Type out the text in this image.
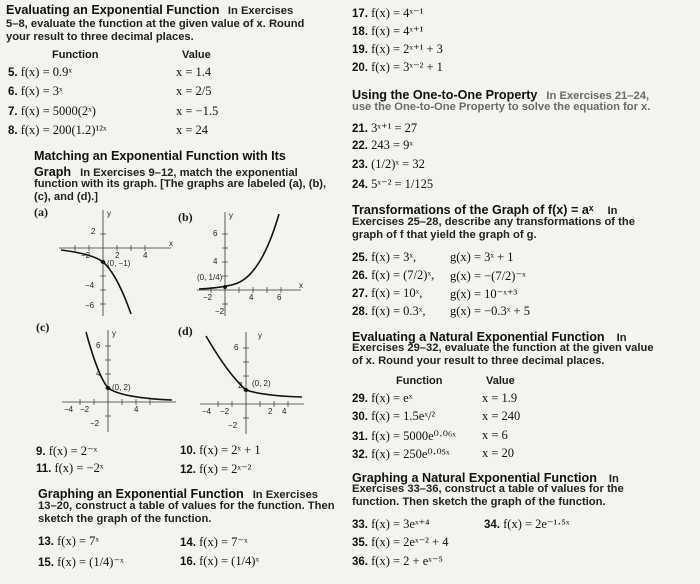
Evaluating an Exponential Function In Exercises
5–8, evaluate the function at the given value of x. Round
your result to three decimal places.
Function	Value
5. f(x) = 0.9ˣ	x = 1.4
6. f(x) = 3ˣ	x = 2/5
7. f(x) = 5000(2ˣ)	x = −1.5
8. f(x) = 200(1.2)¹²ˣ	x = 24
Matching an Exponential Function with Its
Graph In Exercises 9–12, match the exponential
function with its graph. [The graphs are labeled (a), (b),
(c), and (d).]
(a)	(b)
(c)	(d)
x
y
2
−2	2	4
−4
−6
(0, −1)
y
x
6
4
−2	4	6
−2
(0, 1/4)
y
6
4
−4 −2	4
−2
(0, 2)
y
6
2
−4 −2	2 4
−2
(0, 2)
9. f(x) = 2⁻ˣ	10. f(x) = 2ˣ + 1
11. f(x) = −2ˣ	12. f(x) = 2ˣ⁻²
Graphing an Exponential Function In Exercises
13–20, construct a table of values for the function. Then
sketch the graph of the function.
13. f(x) = 7ˣ	14. f(x) = 7⁻ˣ
15. f(x) = (1/4)⁻ˣ	16. f(x) = (1/4)ˣ
17. f(x) = 4ˣ⁻¹
18. f(x) = 4ˣ⁺¹
19. f(x) = 2ˣ⁺¹ + 3
20. f(x) = 3ˣ⁻² + 1
Using the One-to-One Property In Exercises 21–24,
use the One-to-One Property to solve the equation for x.
21. 3ˣ⁺¹ = 27
22. 243 = 9ˣ
23. (1/2)ˣ = 32
24. 5ˣ⁻² = 1/125
Transformations of the Graph of f(x) = aˣ In
Exercises 25–28, describe any transformations of the
graph of f that yield the graph of g.
25. f(x) = 3ˣ,	g(x) = 3ˣ + 1
26. f(x) = (7/2)ˣ, g(x) = −(7/2)⁻ˣ
27. f(x) = 10ˣ, g(x) = 10⁻ˣ⁺³
28. f(x) = 0.3ˣ, g(x) = −0.3ˣ + 5
Evaluating a Natural Exponential Function In
Exercises 29–32, evaluate the function at the given value
of x. Round your result to three decimal places.
Function	Value
29. f(x) = eˣ	x = 1.9
30. f(x) = 1.5eˣ/²	x = 240
31. f(x) = 5000e⁰·⁰⁶ˣ x = 6
32. f(x) = 250e⁰·⁰⁵ˣ	x = 20
Graphing a Natural Exponential Function In
Exercises 33–36, construct a table of values for the
function. Then sketch the graph of the function.
33. f(x) = 3eˣ⁺⁴	34. f(x) = 2e⁻¹·⁵ˣ
35. f(x) = 2eˣ⁻² + 4
36. f(x) = 2 + eˣ⁻⁵
